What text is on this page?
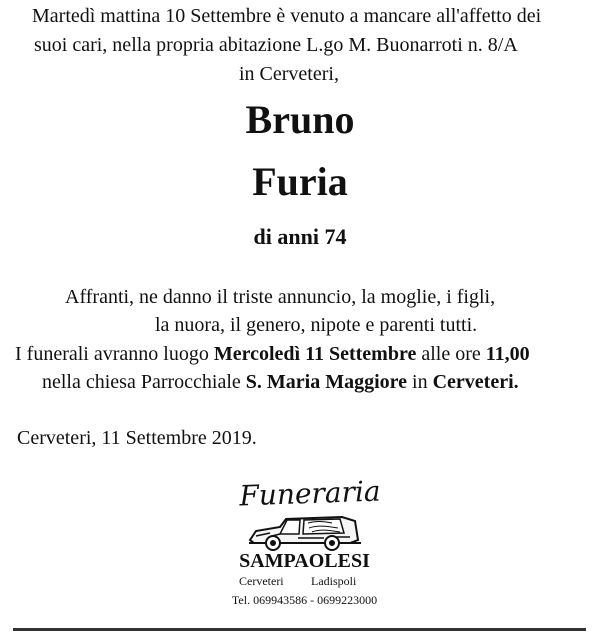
Martedì mattina 10 Settembre è venuto a mancare all'affetto dei
suoi cari, nella propria abitazione L.go M. Buonarroti n. 8/A
in Cerveteri,
Bruno
Furia
di anni 74
Affranti, ne danno il triste annuncio, la moglie, i figli,
la nuora, il genero, nipote e parenti tutti.
I funerali avranno luogo Mercoledì 11 Settembre alle ore 11,00
nella chiesa Parrocchiale S. Maria Maggiore in Cerveteri.
Cerveteri, 11 Settembre 2019.
Funeraria
SAMPAOLESI
Cerveteri Ladispoli
Tel. 069943586 - 0699223000
